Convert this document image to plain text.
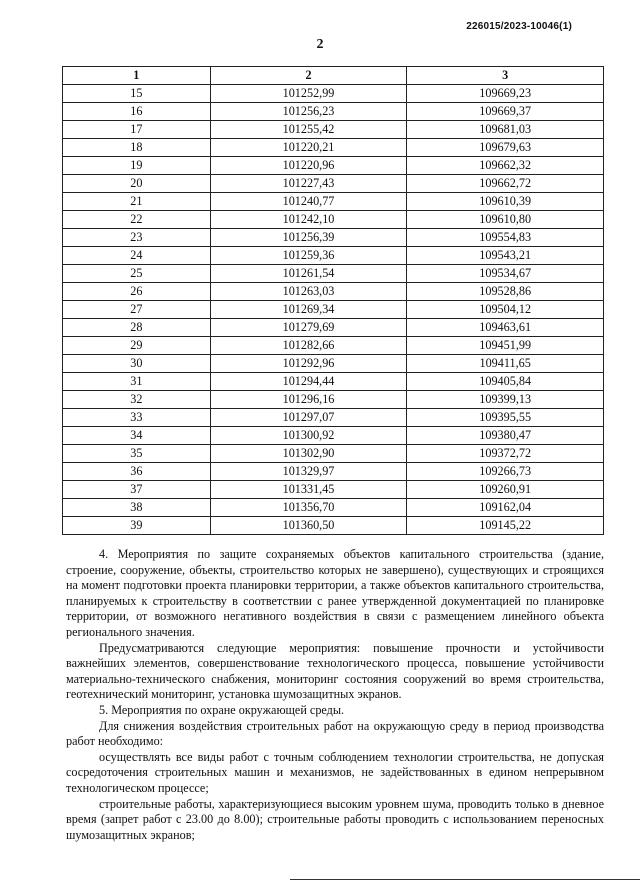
226015/2023-10046(1)
2
1	2	3
15	101252,99	109669,23
16	101256,23	109669,37
17	101255,42	109681,03
18	101220,21	109679,63
19	101220,96	109662,32
20	101227,43	109662,72
21	101240,77	109610,39
22	101242,10	109610,80
23	101256,39	109554,83
24	101259,36	109543,21
25	101261,54	109534,67
26	101263,03	109528,86
27	101269,34	109504,12
28	101279,69	109463,61
29	101282,66	109451,99
30	101292,96	109411,65
31	101294,44	109405,84
32	101296,16	109399,13
33	101297,07	109395,55
34	101300,92	109380,47
35	101302,90	109372,72
36	101329,97	109266,73
37	101331,45	109260,91
38	101356,70	109162,04
39	101360,50	109145,22

4. Мероприятия по защите сохраняемых объектов капитального строительства (здание, строение, сооружение, объекты, строительство которых не завершено), существующих и строящихся на момент подготовки проекта планировки территории, а также объектов капитального строительства, планируемых к строительству в соответствии с ранее утвержденной документацией по планировке территории, от возможного негативного воздействия в связи с размещением линейного объекта регионального значения.

Предусматриваются следующие мероприятия: повышение прочности и устойчивости важнейших элементов, совершенствование технологического процесса, повышение устойчивости материально-технического снабжения, мониторинг состояния сооружений во время строительства, геотехнический мониторинг, установка шумозащитных экранов.

5. Мероприятия по охране окружающей среды.

Для снижения воздействия строительных работ на окружающую среду в период производства работ необходимо:

осуществлять все виды работ с точным соблюдением технологии строительства, не допуская сосредоточения строительных машин и механизмов, не задействованных в едином непрерывном технологическом процессе;

строительные работы, характеризующиеся высоким уровнем шума, проводить только в дневное время (запрет работ с 23.00 до 8.00); строительные работы проводить с использованием переносных шумозащитных экранов;
